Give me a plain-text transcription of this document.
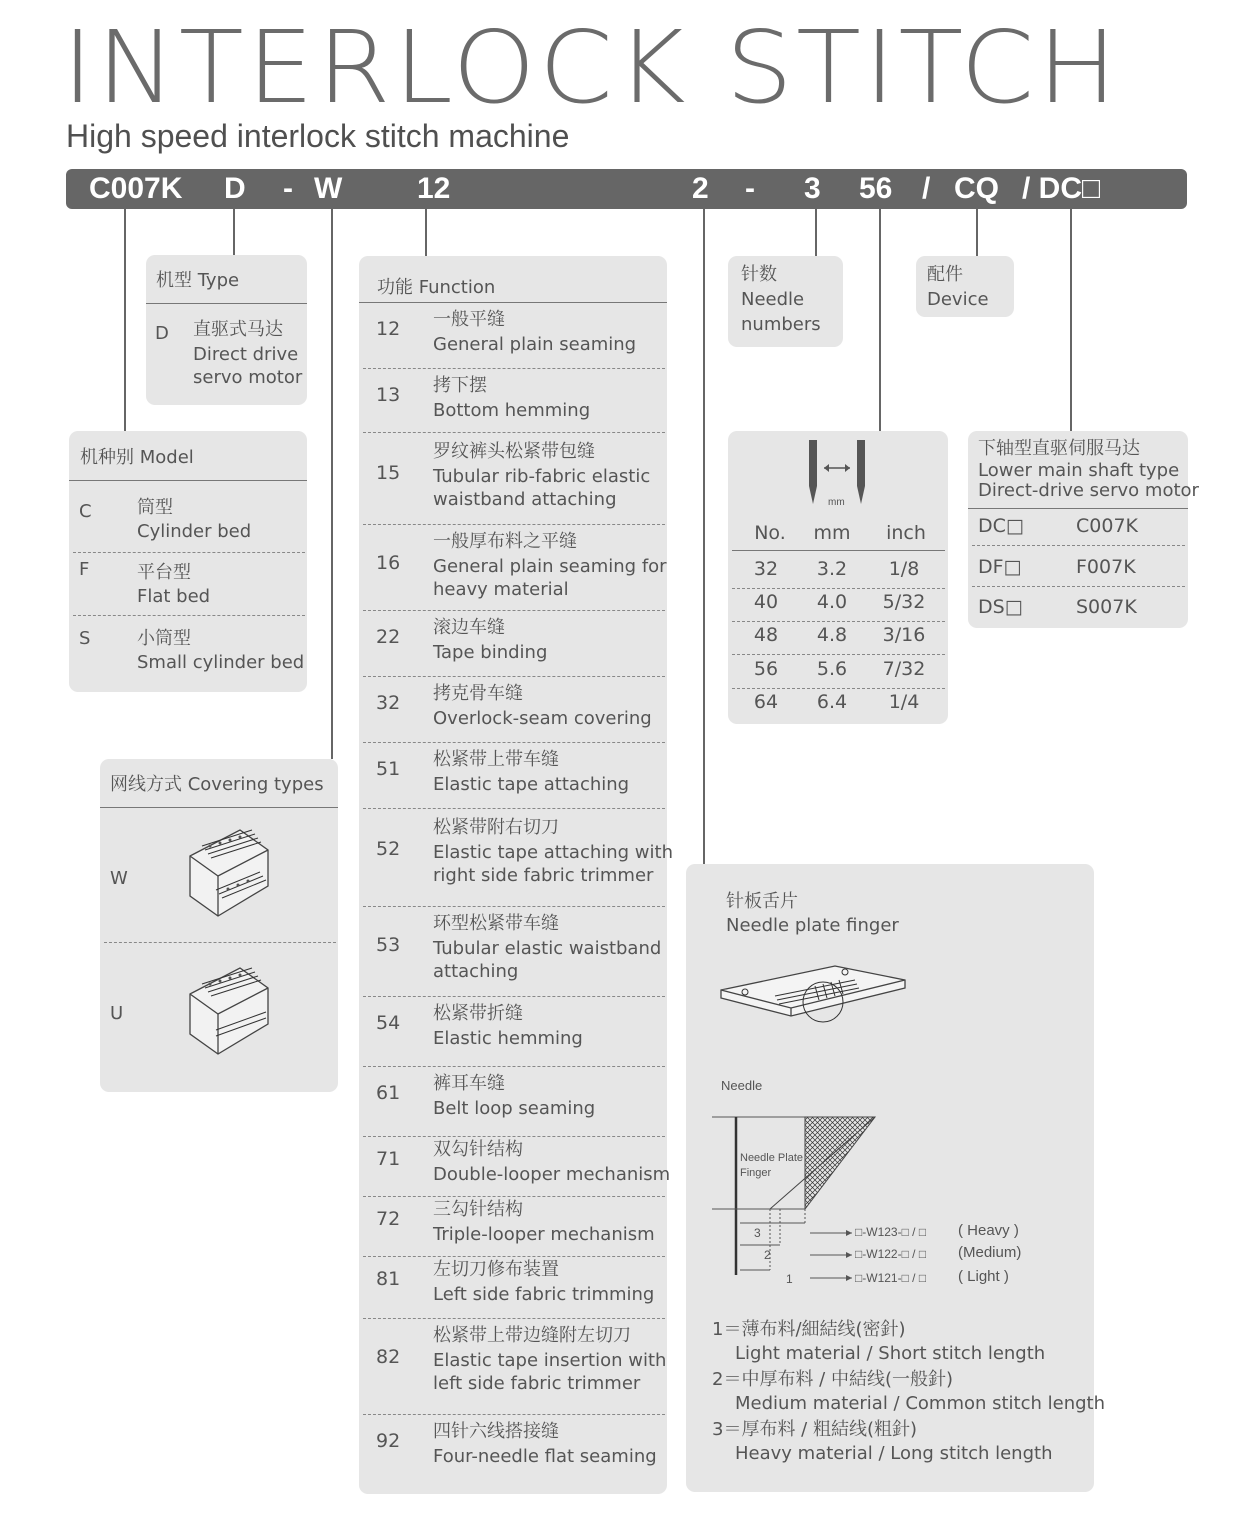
INTERLOCK STITCH
High speed interlock stitch machine
C007K D - W 12	2 - 3 56 / CQ / DC□
机型 Type
D 直驱式马达
Direct drive
servo motor
机种别 Model
C	筒型
Cylinder bed
F	平台型
Flat bed
S	小筒型
Small cylinder bed
网线方式 Covering types
W
U
功能 Function
针数
Needle
numbers
配件
Device
mm
No.	mm	inch
下轴型直驱伺服马达
Lower main shaft type
Direct-drive servo motor
针板舌片
Needle plate finger
Needle
Needle Plate
Finger
3
2
1
□-W123-□ / □
□-W122-□ / □
□-W121-□ / □
( Heavy )
(Medium)
( Light )
1＝薄布料/細結线(密針)
Light material / Short stitch length
2＝中厚布料 / 中結线(一般針)
Medium material / Common stitch length
3＝厚布料 / 粗結线(粗針)
Heavy material / Long stitch length
12 一般平缝
General plain seaming
13 拷下摆
Bottom hemming
15
罗纹裤头松紧带包缝
Tubular rib-fabric elastic
waistband attaching
16
一般厚布料之平缝
General plain seaming for
heavy material
22 滚边车缝
Tape binding
32 拷克骨车缝
Overlock-seam covering
51 松紧带上带车缝
Elastic tape attaching
52
松紧带附右切刀
Elastic tape attaching with
right side fabric trimmer
53
环型松紧带车缝
Tubular elastic waistband
attaching
54 松紧带折缝
Elastic hemming
61 裤耳车缝
Belt loop seaming
71 双勾针结构
Double-looper mechanism
72 三勾针结构
Triple-looper mechanism
81 左切刀修布装置
Left side fabric trimming
82
松紧带上带边缝附左切刀
Elastic tape insertion with
left side fabric trimmer
92 四针六线搭接缝
Four-needle flat seaming
32	3.2	1/8
40	4.0	5/32
48	4.8	3/16
56	5.6	7/32
64	6.4	1/4
DC□	C007K
DF□	F007K
DS□	S007K
